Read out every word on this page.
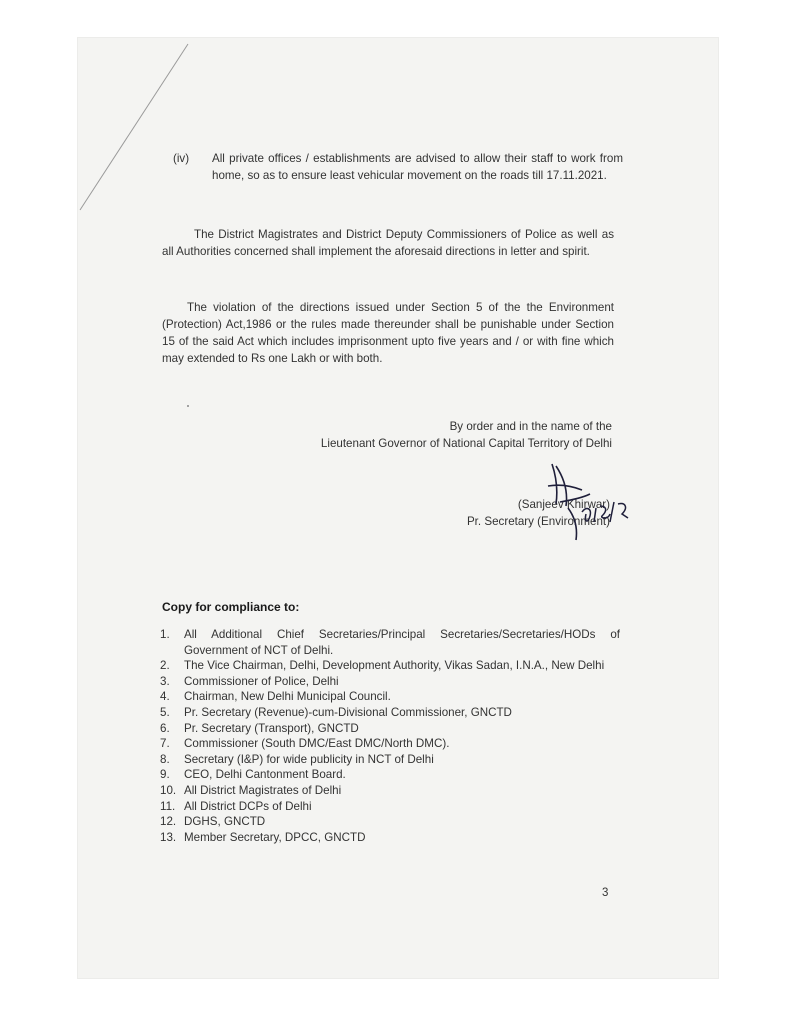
(iv) All private offices / establishments are advised to allow their staff to work from home, so as to ensure least vehicular movement on the roads till 17.11.2021.
The District Magistrates and District Deputy Commissioners of Police as well as all Authorities concerned shall implement the aforesaid directions in letter and spirit.
The violation of the directions issued under Section 5 of the the Environment (Protection) Act,1986 or the rules made thereunder shall be punishable under Section 15 of the said Act which includes imprisonment upto five years and / or with fine which may extended to Rs one Lakh or with both.
By order and in the name of the
Lieutenant Governor of National Capital Territory of Delhi
(Sanjeev Khirwar)
Pr. Secretary (Environment)
Copy for compliance to:
1. All Additional Chief Secretaries/Principal Secretaries/Secretaries/HODs of Government of NCT of Delhi.
2. The Vice Chairman, Delhi, Development Authority, Vikas Sadan, I.N.A., New Delhi
3. Commissioner of Police, Delhi
4. Chairman, New Delhi Municipal Council.
5. Pr. Secretary (Revenue)-cum-Divisional Commissioner, GNCTD
6. Pr. Secretary (Transport), GNCTD
7. Commissioner (South DMC/East DMC/North DMC).
8. Secretary (I&P) for wide publicity in NCT of Delhi
9. CEO, Delhi Cantonment Board.
10. All District Magistrates of Delhi
11. All District DCPs of Delhi
12. DGHS, GNCTD
13. Member Secretary, DPCC, GNCTD
3
